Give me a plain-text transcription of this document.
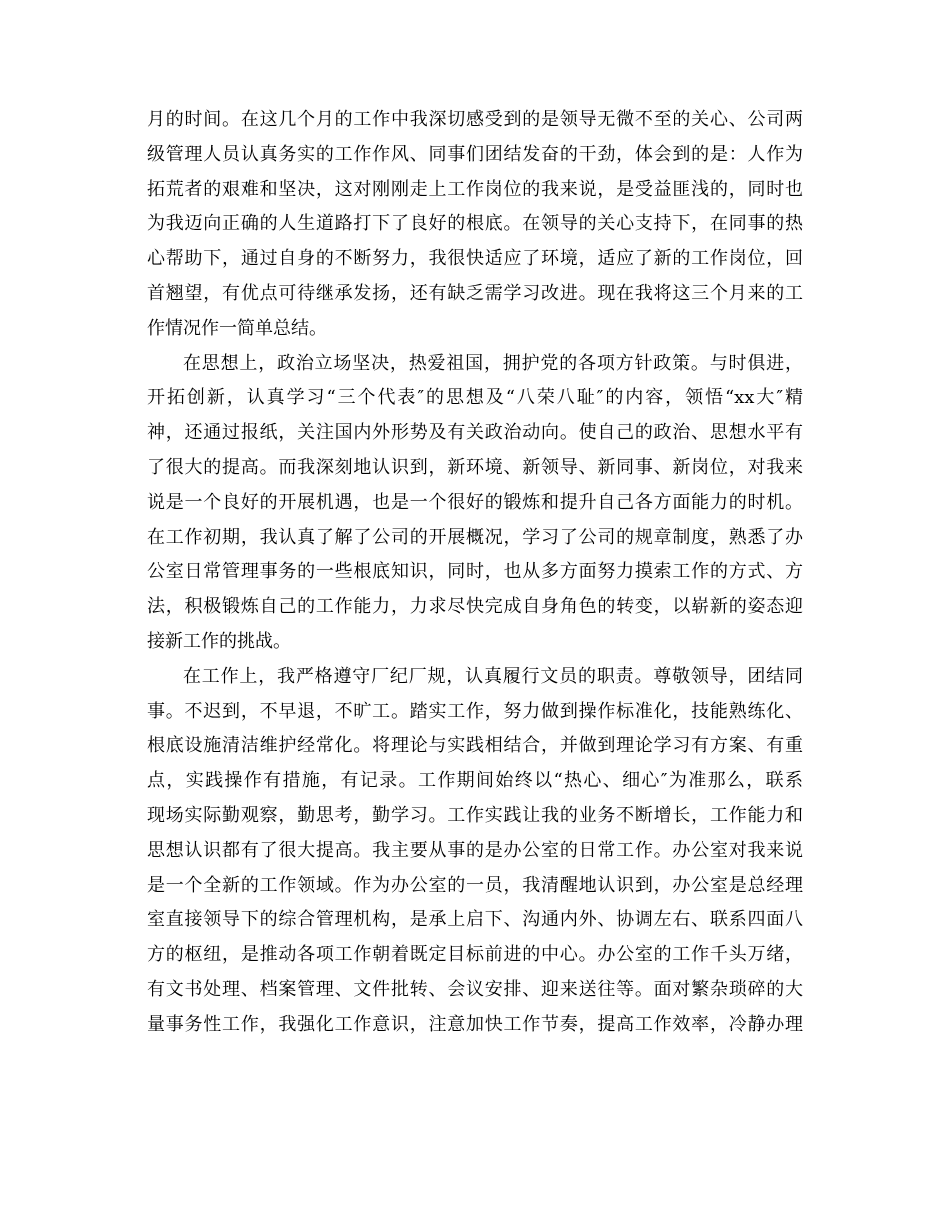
月的时间。在这几个月的工作中我深切感受到的是领导无微不至的关心、公司两
级管理人员认真务实的工作作风、同事们团结发奋的干劲，体会到的是：人作为
拓荒者的艰难和坚决，这对刚刚走上工作岗位的我来说，是受益匪浅的，同时也
为我迈向正确的人生道路打下了良好的根底。在领导的关心支持下，在同事的热
心帮助下，通过自身的不断努力，我很快适应了环境，适应了新的工作岗位，回
首翘望，有优点可待继承发扬，还有缺乏需学习改进。现在我将这三个月来的工
作情况作一简单总结。
在思想上，政治立场坚决，热爱祖国，拥护党的各项方针政策。与时俱进，
开拓创新，认真学习“三个代表″的思想及“八荣八耻″的内容，领悟“xx大″精
神，还通过报纸，关注国内外形势及有关政治动向。使自己的政治、思想水平有
了很大的提高。而我深刻地认识到，新环境、新领导、新同事、新岗位，对我来
说是一个良好的开展机遇，也是一个很好的锻炼和提升自己各方面能力的时机。
在工作初期，我认真了解了公司的开展概况，学习了公司的规章制度，熟悉了办
公室日常管理事务的一些根底知识，同时，也从多方面努力摸索工作的方式、方
法，积极锻炼自己的工作能力，力求尽快完成自身角色的转变，以崭新的姿态迎
接新工作的挑战。
在工作上，我严格遵守厂纪厂规，认真履行文员的职责。尊敬领导，团结同
事。不迟到，不早退，不旷工。踏实工作，努力做到操作标准化，技能熟练化、
根底设施清洁维护经常化。将理论与实践相结合，并做到理论学习有方案、有重
点，实践操作有措施，有记录。工作期间始终以“热心、细心″为准那么，联系
现场实际勤观察，勤思考，勤学习。工作实践让我的业务不断增长，工作能力和
思想认识都有了很大提高。我主要从事的是办公室的日常工作。办公室对我来说
是一个全新的工作领域。作为办公室的一员，我清醒地认识到，办公室是总经理
室直接领导下的综合管理机构，是承上启下、沟通内外、协调左右、联系四面八
方的枢纽，是推动各项工作朝着既定目标前进的中心。办公室的工作千头万绪，
有文书处理、档案管理、文件批转、会议安排、迎来送往等。面对繁杂琐碎的大
量事务性工作，我强化工作意识，注意加快工作节奏，提高工作效率，冷静办理
